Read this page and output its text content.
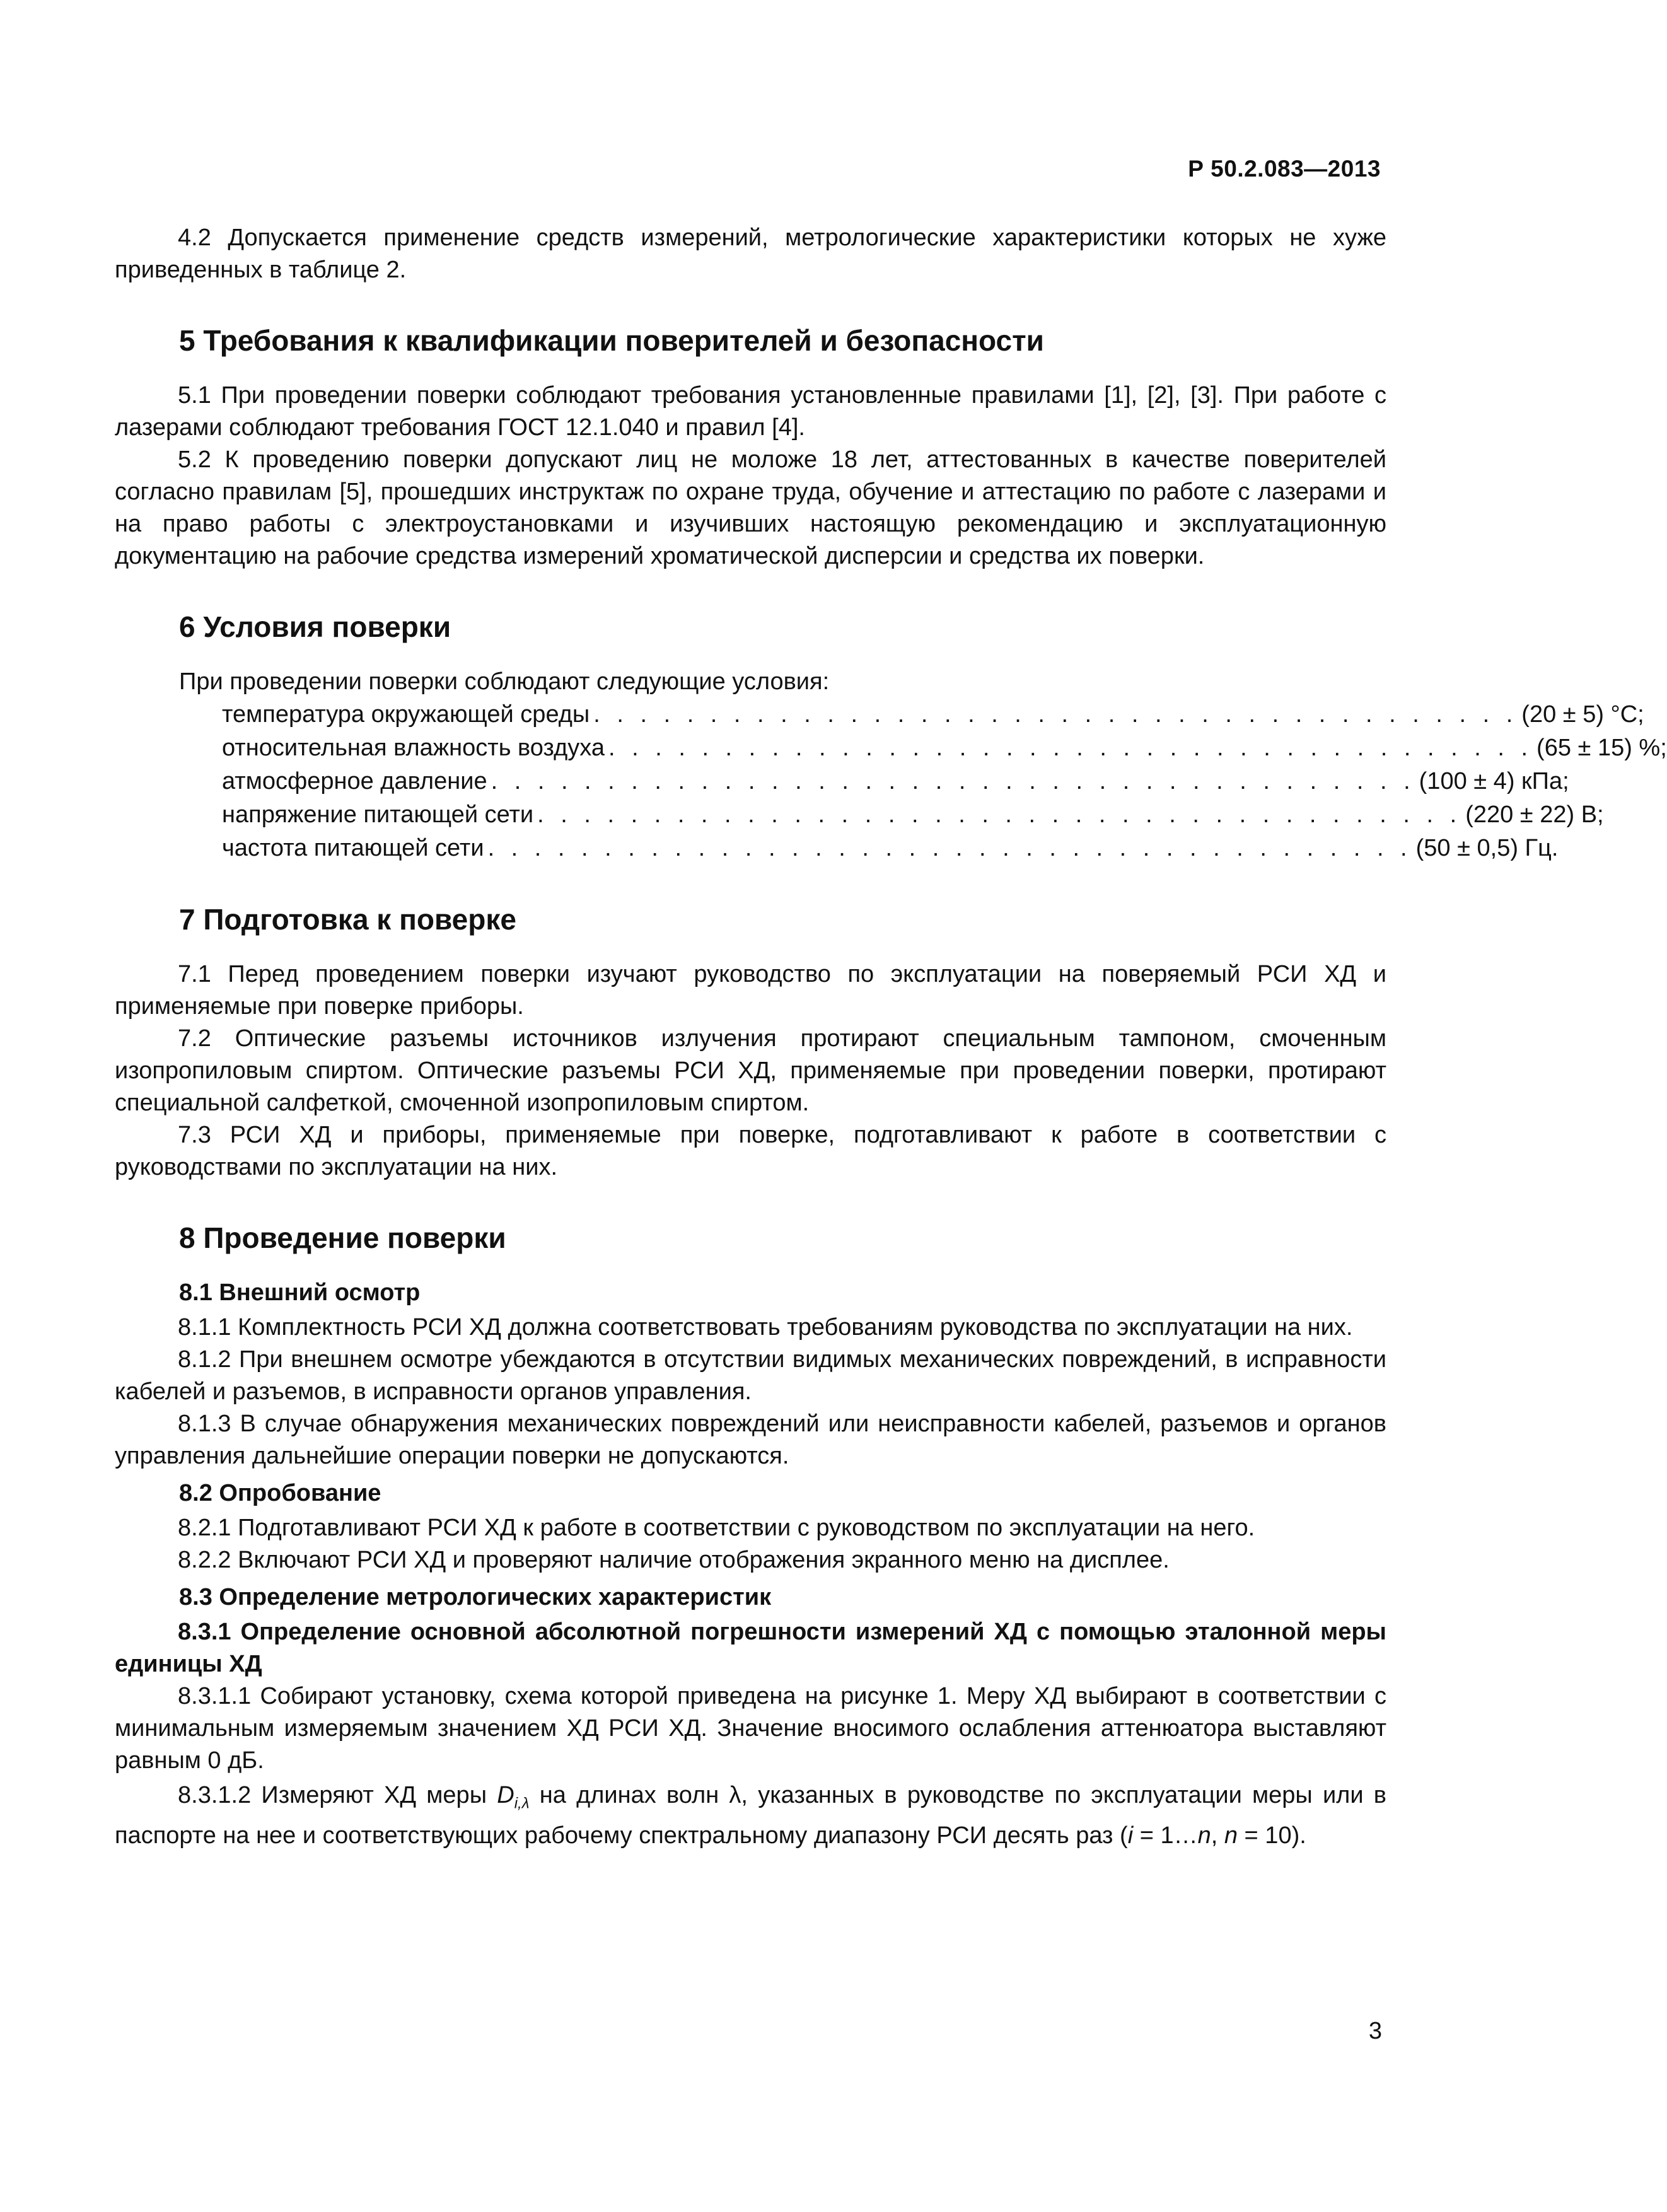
Р 50.2.083—2013

4.2 Допускается применение средств измерений, метрологические характеристики которых не хуже приведенных в таблице 2.

5 Требования к квалификации поверителей и безопасности

5.1 При проведении поверки соблюдают требования установленные правилами [1], [2], [3]. При работе с лазерами соблюдают требования ГОСТ 12.1.040 и правил [4].

5.2 К проведению поверки допускают лиц не моложе 18 лет, аттестованных в качестве поверителей согласно правилам [5], прошедших инструктаж по охране труда, обучение и аттестацию по работе с лазерами и на право работы с электроустановками и изучивших настоящую рекомендацию и эксплуатационную документацию на рабочие средства измерений хроматической дисперсии и средства их поверки.

6 Условия поверки

При проведении поверки соблюдают следующие условия:

температура окружающей среды . . . . . . . . . . . . . . . . . . . . . . . . . . . . . . . . . . . . . . . . (20 ± 5) °С;
относительная влажность воздуха . . . . . . . . . . . . . . . . . . . . . . . . . . . . . . . . . . . . . . . . (65 ± 15) %;
атмосферное давление . . . . . . . . . . . . . . . . . . . . . . . . . . . . . . . . . . . . . . . . (100 ± 4) кПа;
напряжение питающей сети . . . . . . . . . . . . . . . . . . . . . . . . . . . . . . . . . . . . . . . . (220 ± 22) В;
частота питающей сети . . . . . . . . . . . . . . . . . . . . . . . . . . . . . . . . . . . . . . . . (50 ± 0,5) Гц.
7 Подготовка к поверке

7.1 Перед проведением поверки изучают руководство по эксплуатации на поверяемый РСИ ХД и применяемые при поверке приборы.

7.2 Оптические разъемы источников излучения протирают специальным тампоном, смоченным изопропиловым спиртом. Оптические разъемы РСИ ХД, применяемые при проведении поверки, протирают специальной салфеткой, смоченной изопропиловым спиртом.

7.3 РСИ ХД и приборы, применяемые при поверке, подготавливают к работе в соответствии с руководствами по эксплуатации на них.

8 Проведение поверки
8.1 Внешний осмотр

8.1.1 Комплектность РСИ ХД должна соответствовать требованиям руководства по эксплуатации на них.

8.1.2 При внешнем осмотре убеждаются в отсутствии видимых механических повреждений, в исправности кабелей и разъемов, в исправности органов управления.

8.1.3 В случае обнаружения механических повреждений или неисправности кабелей, разъемов и органов управления дальнейшие операции поверки не допускаются.

8.2 Опробование

8.2.1 Подготавливают РСИ ХД к работе в соответствии с руководством по эксплуатации на него.

8.2.2 Включают РСИ ХД и проверяют наличие отображения экранного меню на дисплее.

8.3 Определение метрологических характеристик

8.3.1 Определение основной абсолютной погрешности измерений ХД с помощью эталонной меры единицы ХД

8.3.1.1 Собирают установку, схема которой приведена на рисунке 1. Меру ХД выбирают в соответствии с минимальным измеряемым значением ХД РСИ ХД. Значение вносимого ослабления аттенюатора выставляют равным 0 дБ.

8.3.1.2 Измеряют ХД меры $D_{i,\lambda}$ на длинах волн λ, указанных в руководстве по эксплуатации меры или в паспорте на нее и соответствующих рабочему спектральному диапазону РСИ десять раз (i = 1…n, n = 10).

3
